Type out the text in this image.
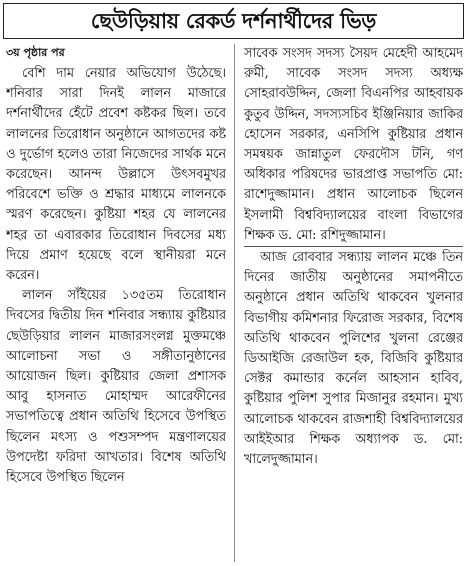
ছেউড়িয়ায় রেকর্ড দর্শনার্থীদের ভিড়
৩য় পৃষ্ঠার পর

বেশি দাম নেয়ার অভিযোগ উঠেছে। শনিবার সারা দিনই লালন মাজারে দর্শনার্থীদের হেঁটে প্রবেশ কষ্টকর ছিল। তবে লালনের তিরোধান অনুষ্ঠানে আগতদের কষ্ট ও দুর্ভোগ হলেও তারা নিজেদের সার্থক মনে করেছেন। আনন্দ উল্লাসে উৎসবমুখর পরিবেশে ভক্তি ও শ্রদ্ধার মাধ্যমে লালনকে স্মরণ করেছেন। কুষ্টিয়া শহর যে লালনের শহর তা এবারকার তিরোধান দিবসের মধ্য দিয়ে প্রমাণ হয়েছে বলে স্থানীয়রা মনে করেন।

লালন সাঁইয়ের ১৩৫তম তিরোধান দিবসের দ্বিতীয় দিন শনিবার সন্ধ্যায় কুষ্টিয়ার ছেউড়িয়ার লালন মাজারসংলগ্ন মুক্তমঞ্চে আলোচনা সভা ও সঙ্গীতানুষ্ঠানের আয়োজন ছিল। কুষ্টিয়ার জেলা প্রশাসক আবু হাসনাত মোহাম্মদ আরেফীনের সভাপতিত্বে প্রধান অতিথি হিসেবে উপস্থিত ছিলেন মৎস্য ও পশুসম্পদ মন্ত্রণালয়ের উপদেষ্টা ফরিদা আখতার। বিশেষ অতিথি হিসেবে উপস্থিত ছিলেন

সাবেক সংসদ সদস্য সৈয়দ মেহেদী আহমেদ রুমী, সাবেক সংসদ সদস্য অধ্যক্ষ সোহরাবউদ্দিন, জেলা বিএনপির আহবায়ক কুতুব উদ্দিন, সদস্যসচিব ইঞ্জিনিয়ার জাকির হোসেন সরকার, এনসিপি কুষ্টিয়ার প্রধান সমন্বয়ক জান্নাতুল ফেরদৌস টনি, গণ অধিকার পরিষদের ভারপ্রাপ্ত সভাপতি মো: রাশেদুজ্জামান। প্রধান আলোচক ছিলেন ইসলামী বিশ্ববিদ্যালয়ের বাংলা বিভাগের শিক্ষক ড. মো: রশিদুজ্জামান।

আজ রোববার সন্ধ্যায় লালন মঞ্চে তিন দিনের জাতীয় অনুষ্ঠানের সমাপনীতে অনুষ্ঠানে প্রধান অতিথি থাকবেন খুলনার বিভাগীয় কমিশনার ফিরোজ সরকার, বিশেষ অতিথি থাকবেন পুলিশের খুলনা রেঞ্জের ডিআইজি রেজাউল হক, বিজিবি কুষ্টিয়ার সেক্টর কমান্ডার কর্নেল আহসান হাবিব, কুষ্টিয়ার পুলিশ সুপার মিজানুর রহমান। মুখ্য আলোচক থাকবেন রাজশাহী বিশ্ববিদ্যালয়ের আইইআর শিক্ষক অধ্যাপক ড. মো: খালেদুজ্জামান।
